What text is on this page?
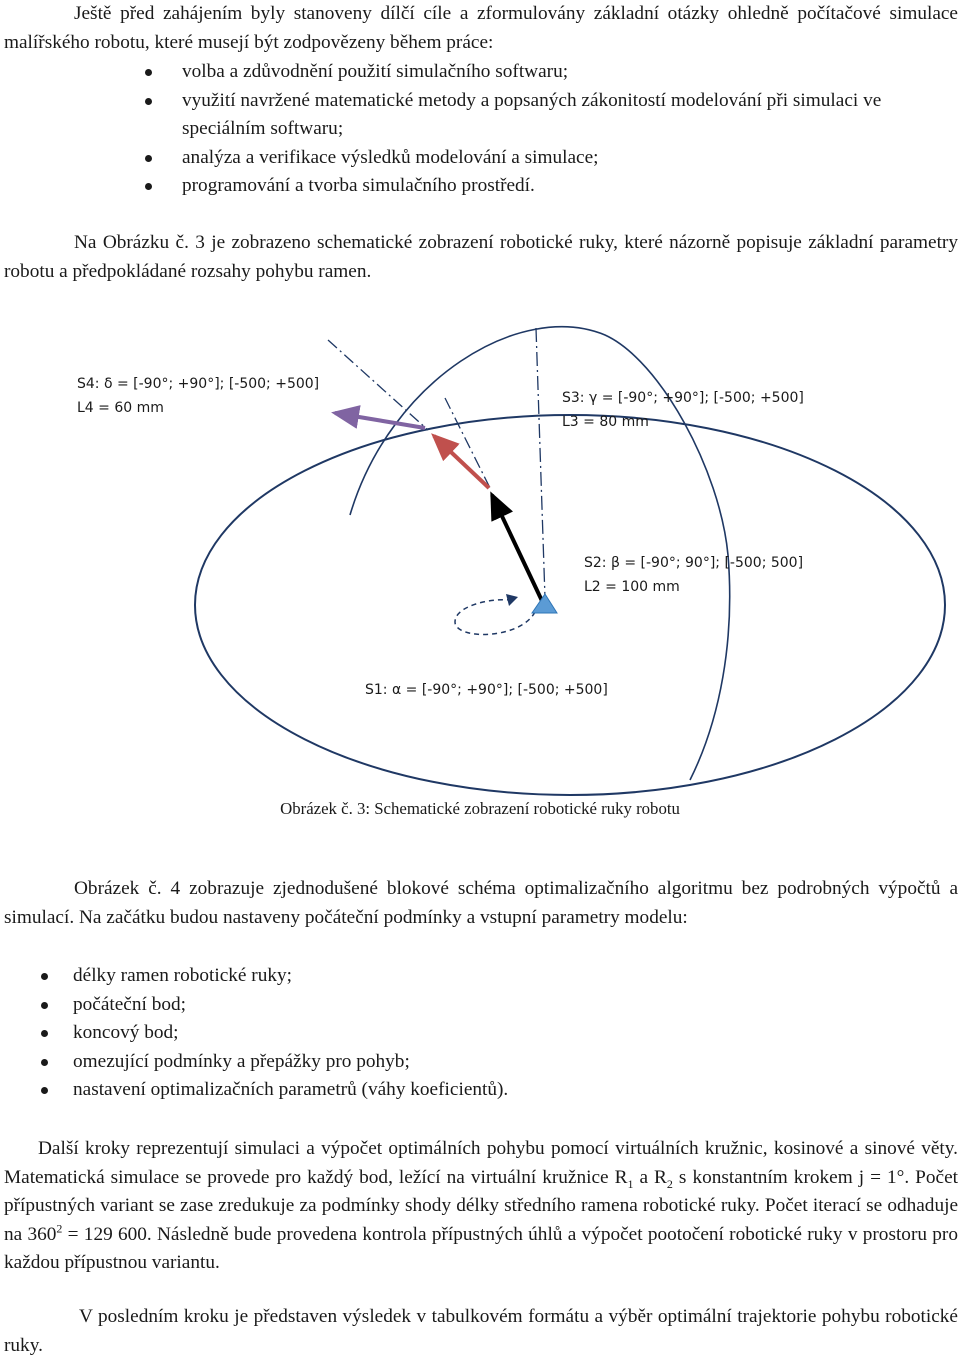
Ještě před zahájením byly stanoveny dílčí cíle a zformulovány základní otázky ohledně počítačové simulace malířského robotu, které musejí být zodpovězeny během práce:

volba a zdůvodnění použití simulačního softwaru;
využití navržené matematické metody a popsaných zákonitostí modelování při simulaci ve speciálním softwaru;
analýza a verifikace výsledků modelování a simulace;
programování a tvorba simulačního prostředí.

Na Obrázku č. 3 je zobrazeno schematické zobrazení robotické ruky, které názorně popisuje základní parametry robotu a předpokládané rozsahy pohybu ramen.

S4: δ = [-90°; +90°]; [-500; +500]
L4 = 60 mm
S3: γ = [-90°; +90°]; [-500; +500]
L3 = 80 mm
S2: β = [-90°; 90°]; [-500; 500]
L2 = 100 mm
S1: α = [-90°; +90°]; [-500; +500]
Obrázek č. 3: Schematické zobrazení robotické ruky robotu

Obrázek č. 4 zobrazuje zjednodušené blokové schéma optimalizačního algoritmu bez podrobných výpočtů a simulací. Na začátku budou nastaveny počáteční podmínky a vstupní parametry modelu:

délky ramen robotické ruky;
počáteční bod;
koncový bod;
omezující podmínky a přepážky pro pohyb;
nastavení optimalizačních parametrů (váhy koeficientů).

Další kroky reprezentují simulaci a výpočet optimálních pohybu pomocí virtuálních kružnic, kosinové a sinové věty. Matematická simulace se provede pro každý bod, ležící na virtuální kružnice $R_1$ a $R_2$ s konstantním krokem j = 1°. Počet přípustných variant se zase zredukuje za podmínky shody délky středního ramena robotické ruky. Počet iterací se odhaduje na $360^2 = 129$ 600. Následně bude provedena kontrola přípustných úhlů a výpočet pootočení robotické ruky v prostoru pro každou přípustnou variantu.

V posledním kroku je představen výsledek v tabulkovém formátu a výběr optimální trajektorie pohybu robotické ruky.
